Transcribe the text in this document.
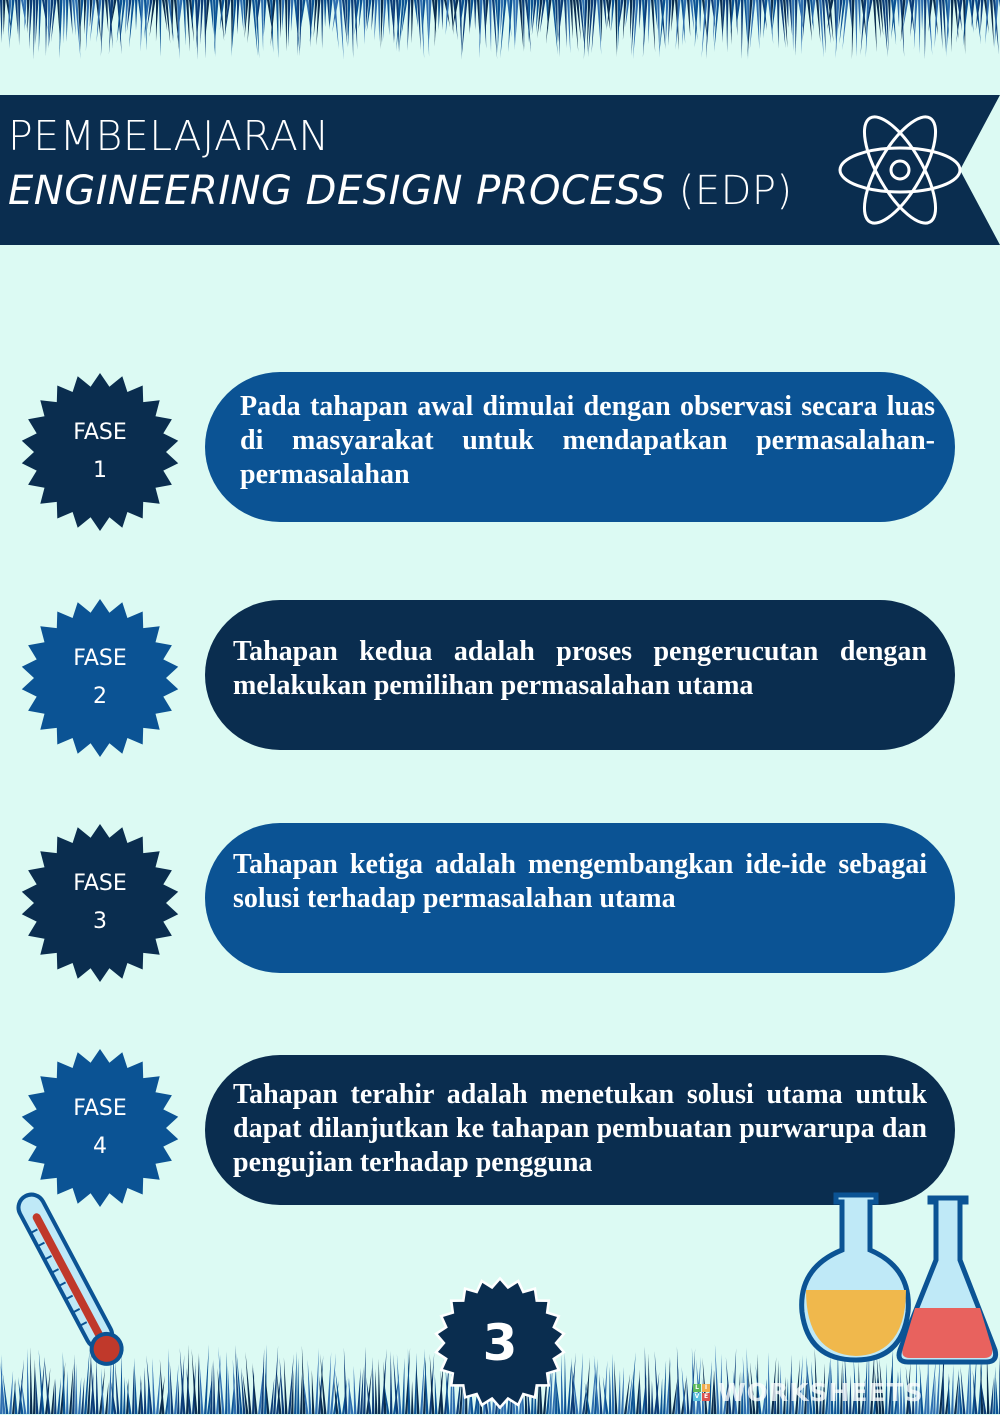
PEMBELAJARAN
ENGINEERING DESIGN PROCESS (EDP)
FASE
1
Pada tahapan awal dimulai dengan observasi secara luas di masyarakat untuk mendapatkan permasalahan-permasalahan
FASE
2
Tahapan kedua adalah proses pengerucutan dengan melakukan pemilihan permasalahan utama
FASE
3
Tahapan ketiga adalah mengembangkan ide-ide sebagai solusi terhadap permasalahan utama
FASE
4
Tahapan terahir adalah menetukan solusi utama untuk dapat dilanjutkan ke tahapan pembuatan purwarupa dan pengujian terhadap pengguna
3
L I
V E WORKSHEETS
